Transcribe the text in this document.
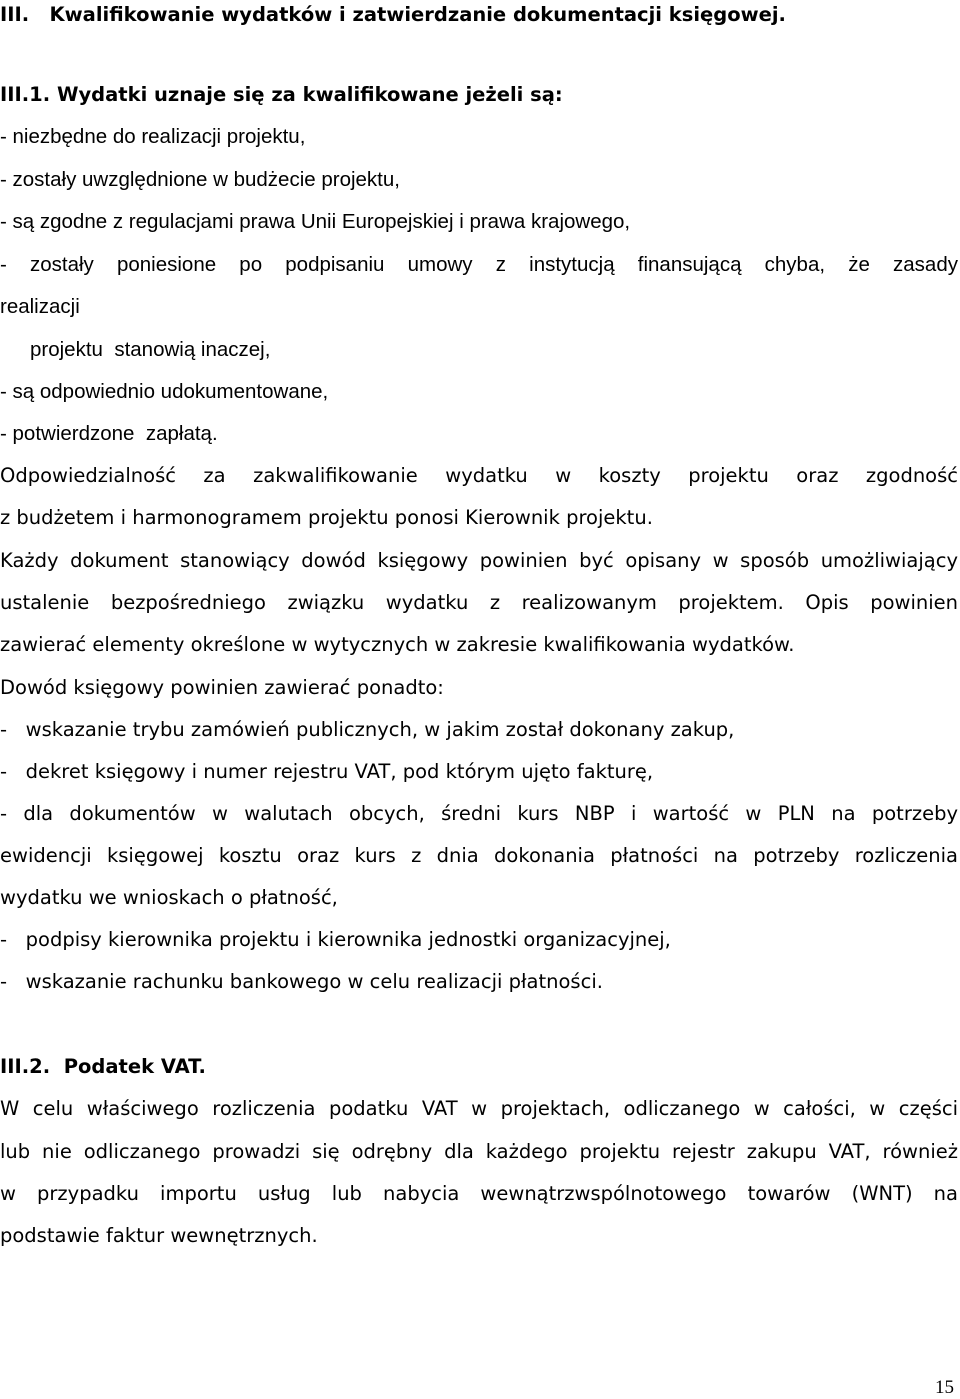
III.   Kwalifikowanie wydatków i zatwierdzanie dokumentacji księgowej.
III.1. Wydatki uznaje się za kwalifikowane jeżeli są:
- niezbędne do realizacji projektu,
- zostały uwzględnione w budżecie projektu,
- są zgodne z regulacjami prawa Unii Europejskiej i prawa krajowego,
- zostały poniesione po podpisaniu umowy z instytucją finansującą chyba, że zasady
realizacji
projektu  stanowią inaczej,
- są odpowiednio udokumentowane,
- potwierdzone  zapłatą.
Odpowiedzialność za zakwalifikowanie wydatku w koszty projektu oraz zgodność
z budżetem i harmonogramem projektu ponosi Kierownik projektu.
Każdy dokument stanowiący dowód księgowy powinien być opisany w sposób umożliwiający
ustalenie bezpośredniego związku wydatku z realizowanym projektem. Opis powinien
zawierać elementy określone w wytycznych w zakresie kwalifikowania wydatków.
Dowód księgowy powinien zawierać ponadto:
-   wskazanie trybu zamówień publicznych, w jakim został dokonany zakup,
-   dekret księgowy i numer rejestru VAT, pod którym ujęto fakturę,
- dla dokumentów w walutach obcych, średni kurs NBP i wartość w PLN na potrzeby
ewidencji księgowej kosztu oraz kurs z dnia dokonania płatności na potrzeby rozliczenia
wydatku we wnioskach o płatność,
-   podpisy kierownika projektu i kierownika jednostki organizacyjnej,
-   wskazanie rachunku bankowego w celu realizacji płatności.
III.2.  Podatek VAT.
W celu właściwego rozliczenia podatku VAT w projektach, odliczanego w całości, w części
lub nie odliczanego prowadzi się odrębny dla każdego projektu rejestr zakupu VAT, również
w przypadku importu usług lub nabycia wewnątrzwspólnotowego towarów (WNT) na
podstawie faktur wewnętrznych.
15
